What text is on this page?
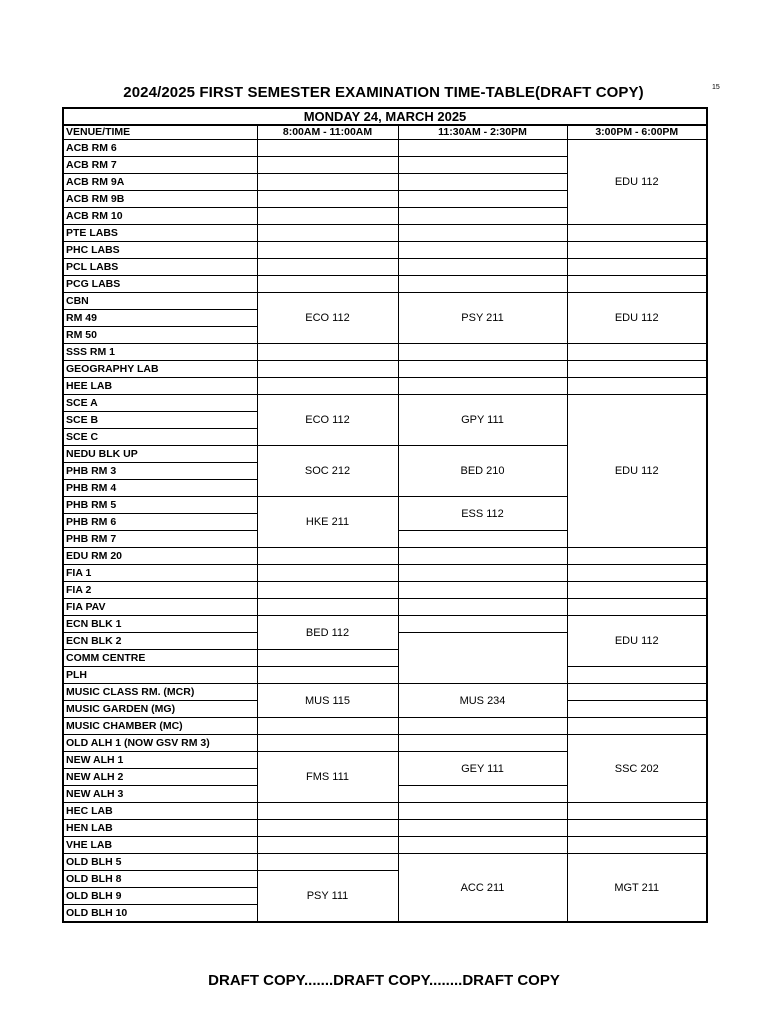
15
2024/2025 FIRST SEMESTER EXAMINATION TIME-TABLE(DRAFT COPY)
MONDAY 24, MARCH 2025			
VENUE/TIME	8:00AM - 11:00AM	11:30AM - 2:30PM	3:00PM - 6:00PM
ACB RM 6			EDU 112
ACB RM 7			
ACB RM 9A			
ACB RM 9B			
ACB RM 10			
PTE LABS			
PHC LABS			
PCL LABS			
PCG LABS			
CBN	ECO 112	PSY 211	EDU 112
RM 49			
RM 50			
SSS RM 1			
GEOGRAPHY LAB			
HEE LAB			
SCE A	ECO 112	GPY 111	EDU 112
SCE B			
SCE C			
NEDU BLK UP	SOC 212	BED 210	
PHB RM 3			
PHB RM 4			
PHB RM 5	HKE 211	ESS 112	
PHB RM 6			
PHB RM 7			
EDU RM 20			
FIA 1			
FIA 2			
FIA PAV			
ECN BLK 1	BED 112		EDU 112
ECN BLK 2			
COMM CENTRE			
PLH			
MUSIC CLASS RM. (MCR)	MUS 115	MUS 234	
MUSIC GARDEN (MG)			
MUSIC CHAMBER (MC)			
OLD ALH 1 (NOW GSV RM 3)			SSC 202
NEW ALH 1	FMS 111	GEY 111	
NEW ALH 2			
NEW ALH 3			
HEC LAB			
HEN LAB			
VHE LAB			
OLD BLH 5		ACC 211	MGT 211
OLD BLH 8	PSY 111		
OLD BLH 9			
OLD BLH 10			
DRAFT COPY.......DRAFT COPY........DRAFT COPY
